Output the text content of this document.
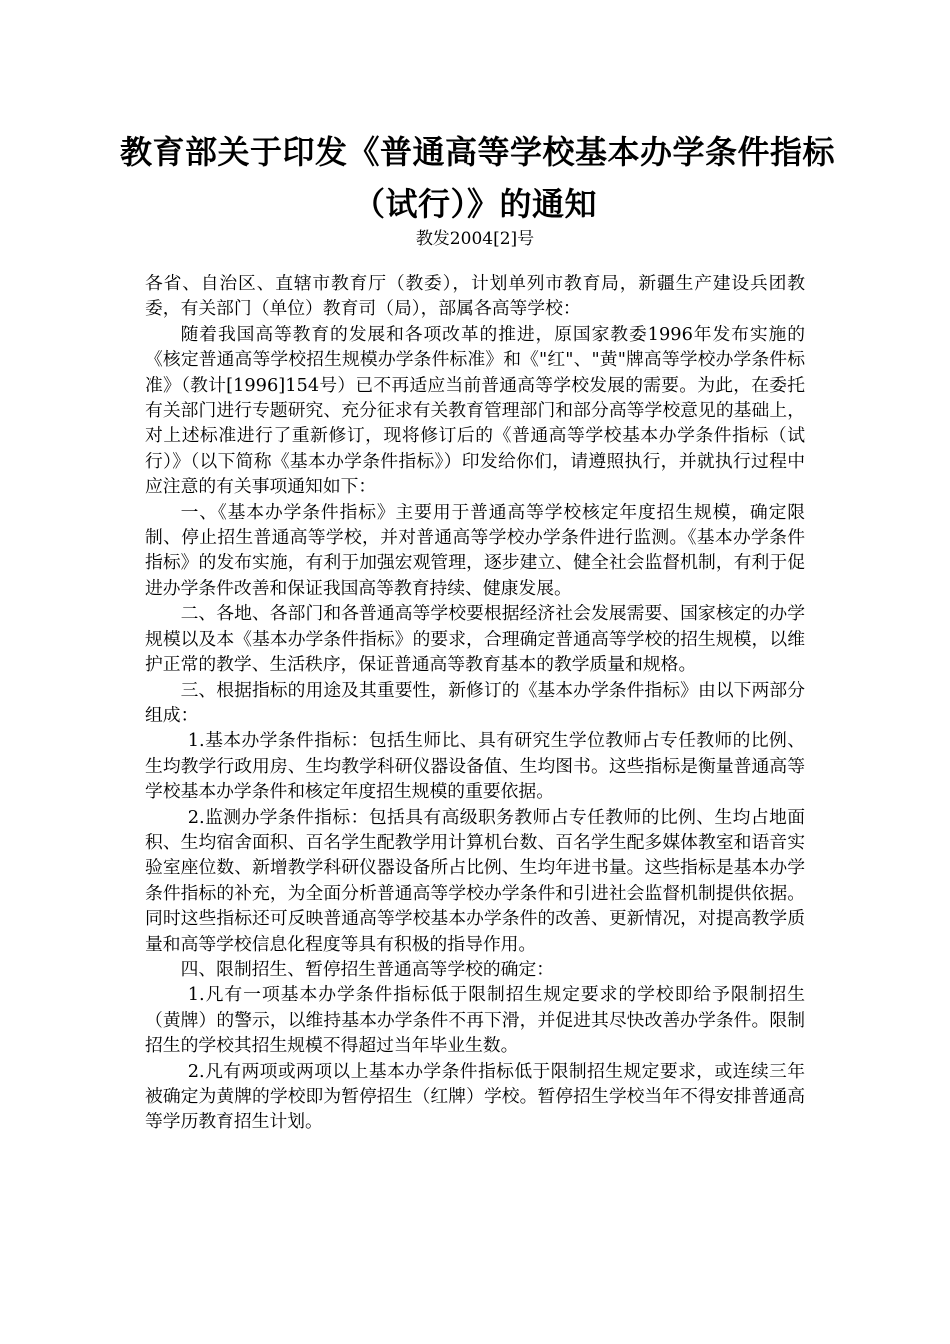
教育部关于印发《普通高等学校基本办学条件指标
（试行）》的通知
教发2004[2]号

各省、自治区、直辖市教育厅（教委），计划单列市教育局，新疆生产建设兵团教委，有关部门（单位）教育司（局），部属各高等学校：

随着我国高等教育的发展和各项改革的推进，原国家教委1996年发布实施的《核定普通高等学校招生规模办学条件标准》和《"红"、"黄"牌高等学校办学条件标准》（教计[1996]154号）已不再适应当前普通高等学校发展的需要。为此，在委托有关部门进行专题研究、充分征求有关教育管理部门和部分高等学校意见的基础上，对上述标准进行了重新修订，现将修订后的《普通高等学校基本办学条件指标（试行）》（以下简称《基本办学条件指标》）印发给你们，请遵照执行，并就执行过程中应注意的有关事项通知如下：

一、《基本办学条件指标》主要用于普通高等学校核定年度招生规模，确定限制、停止招生普通高等学校，并对普通高等学校办学条件进行监测。《基本办学条件指标》的发布实施，有利于加强宏观管理，逐步建立、健全社会监督机制，有利于促进办学条件改善和保证我国高等教育持续、健康发展。

二、各地、各部门和各普通高等学校要根据经济社会发展需要、国家核定的办学规模以及本《基本办学条件指标》的要求，合理确定普通高等学校的招生规模，以维护正常的教学、生活秩序，保证普通高等教育基本的教学质量和规格。

三、根据指标的用途及其重要性，新修订的《基本办学条件指标》由以下两部分组成：

1.基本办学条件指标：包括生师比、具有研究生学位教师占专任教师的比例、生均教学行政用房、生均教学科研仪器设备值、生均图书。这些指标是衡量普通高等学校基本办学条件和核定年度招生规模的重要依据。

2.监测办学条件指标：包括具有高级职务教师占专任教师的比例、生均占地面积、生均宿舍面积、百名学生配教学用计算机台数、百名学生配多媒体教室和语音实验室座位数、新增教学科研仪器设备所占比例、生均年进书量。这些指标是基本办学条件指标的补充，为全面分析普通高等学校办学条件和引进社会监督机制提供依据。同时这些指标还可反映普通高等学校基本办学条件的改善、更新情况，对提高教学质量和高等学校信息化程度等具有积极的指导作用。

四、限制招生、暂停招生普通高等学校的确定：

1.凡有一项基本办学条件指标低于限制招生规定要求的学校即给予限制招生（黄牌）的警示，以维持基本办学条件不再下滑，并促进其尽快改善办学条件。限制招生的学校其招生规模不得超过当年毕业生数。

2.凡有两项或两项以上基本办学条件指标低于限制招生规定要求，或连续三年被确定为黄牌的学校即为暂停招生（红牌）学校。暂停招生学校当年不得安排普通高等学历教育招生计划。
